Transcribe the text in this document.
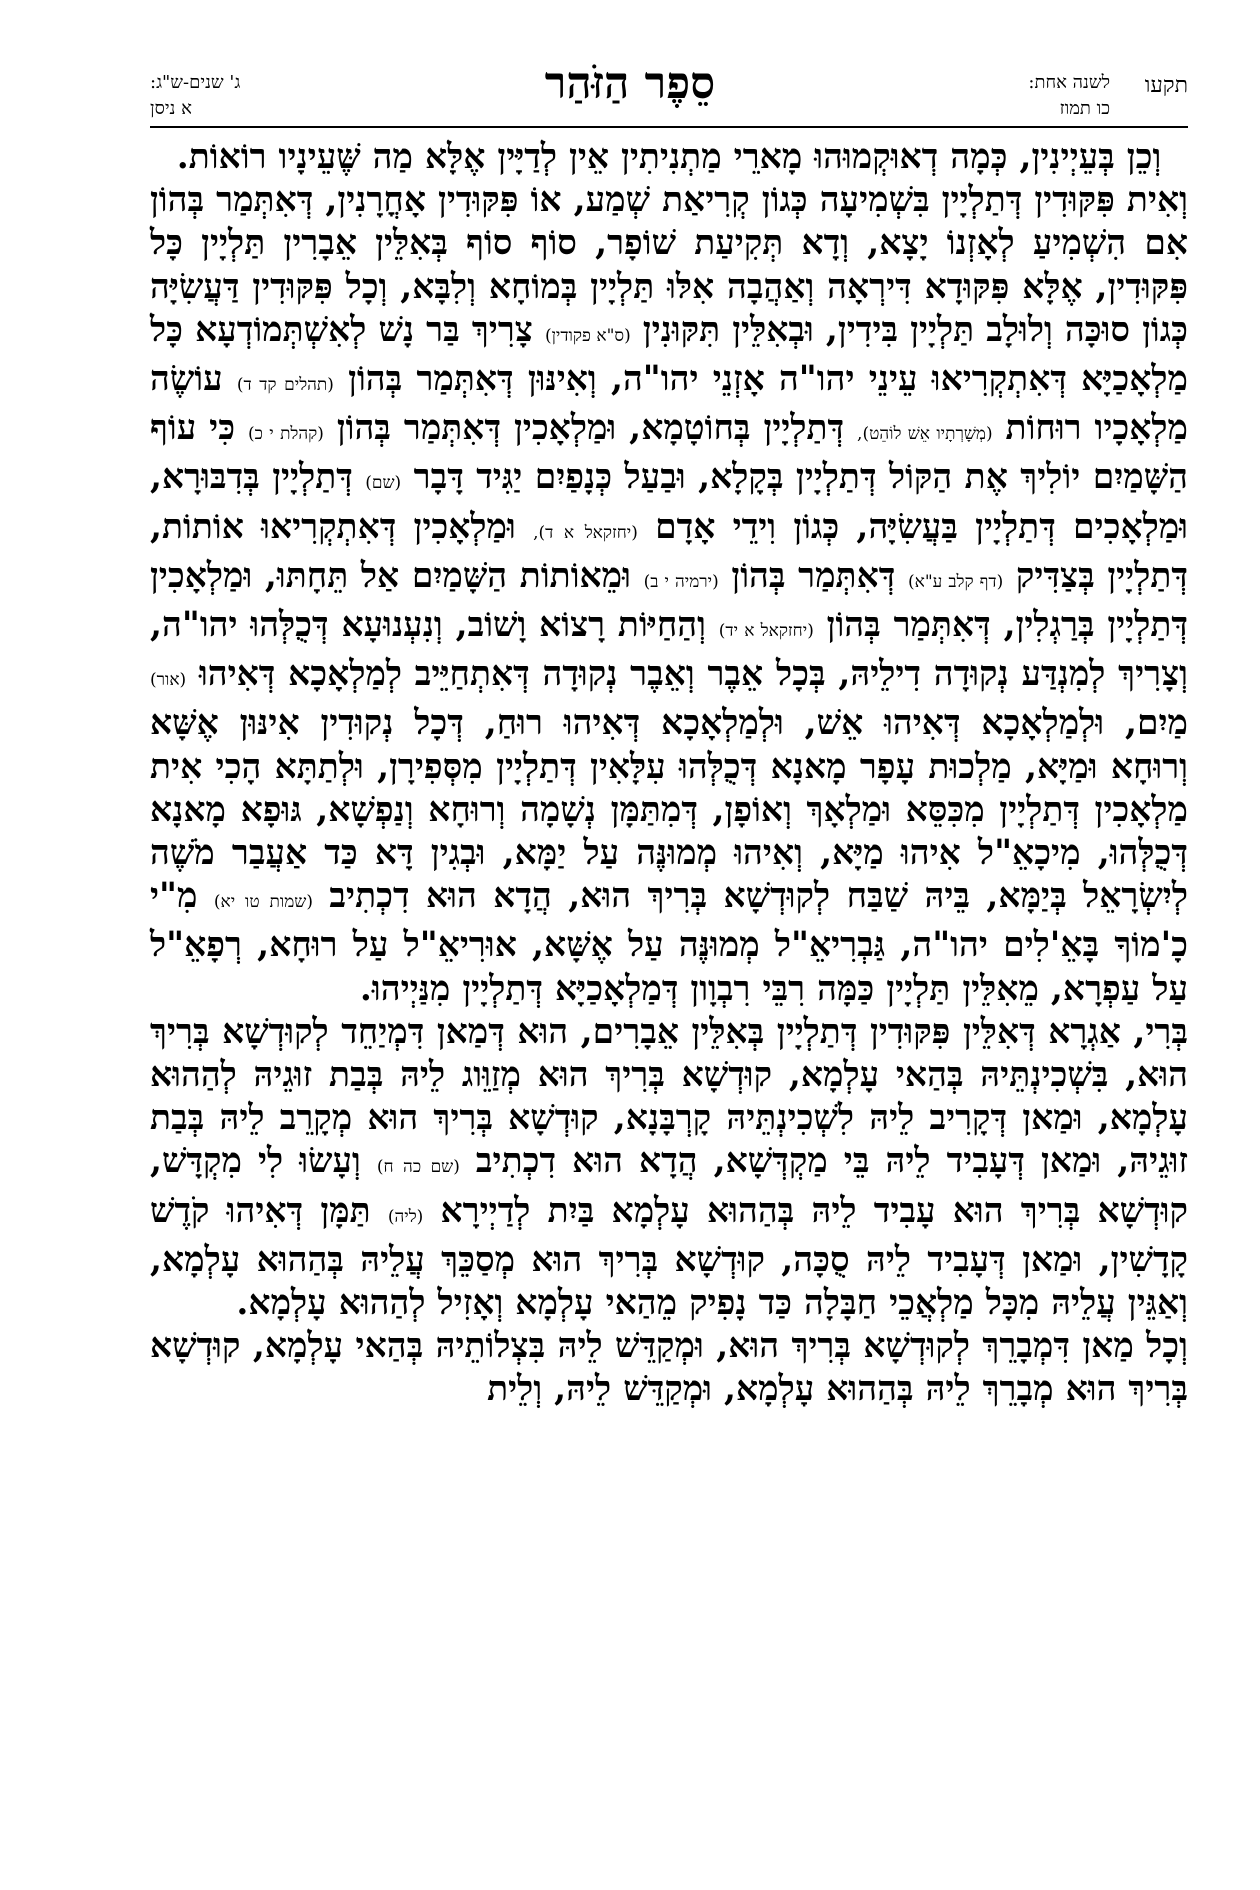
תקעו
לשנה אחת:
כו תמוז
סֵפֶר הַזֹּהַר
ג' שנים-ש"ג:
א ניסן

וְכֵן בְּעֵיְינִין, כְּמָה דְאוּקְמוּהוּ מָארֵי מַתְנִיתִין אֵין לְדַיָּין אֶלָּא מַה שֶּׁעֵינָיו רוֹאוֹת.

וְאִית פִּקּוּדִין דְּתַלְיָין בִּשְׁמִיעָה כְּגוֹן קְרִיאַת שְׁמַע, אוֹ פִּקּוּדִין אָחֳרָנִין, דְּאִתְּמַר בְּהוֹן אִם הִשְׁמִיעַ לְאָזְנוֹ יָצָא, וְדָא תְּקִיעַת שׁוֹפָר, סוֹף סוֹף בְּאִלֵּין אֵבָרִין תַּלְיָין כָּל פִּקּוּדִין, אֶלָּא פִּקּוּדָא דִּירְאָה וְאַהֲבָה אִלּוּ תַּלְיָין בְּמוֹחָא וְלִבָּא, וְכָל פִּקּוּדִין דַּעֲשִׂיָּה כְּגוֹן סוּכָּה וְלוּלָב תַּלְיָין בִּידִין, וּבְאִלֵּין תִּקּוּנִין (ס"א פקודין) צָרִיךְ בַּר נָשׁ לְאִשְׁתְּמוֹדְעָא כָּל מַלְאָכַיָּא דְּאִתְקְרִיאוּ עֵינֵי יהו"ה אָזְנֵי יהו"ה, וְאִינּוּן דְּאִתְּמַר בְּהוֹן (תהלים קד ד) עוֹשֶׂה מַלְאָכָיו רוּחוֹת (מְשָׁרְתָיו אֵשׁ לוֹהֵט), דְּתַלְיָין בְּחוֹטָמָא, וּמַלְאָכִין דְּאִתְּמַר בְּהוֹן (קהלת י כ) כִּי עוֹף הַשָּׁמַיִם יוֹלִיךְ אֶת הַקּוֹל דְּתַלְיָין בְּקָלָא, וּבַעַל כְּנָפַיִם יַגִּיד דָּבָר (שם) דְּתַלְיָין בְּדִבּוּרָא, וּמַלְאָכִים דְּתַלְיָין בַּעֲשִׂיָּה, כְּגוֹן וִידֵי אָדָם (יחזקאל א ד), וּמַלְאָכִין דְּאִתְקְרִיאוּ אוֹתוֹת, דְּתַלְיָין בְּצַדִּיק (דף קלב ע"א) דְּאִתְּמַר בְּהוֹן (ירמיה י ב) וּמֵאוֹתוֹת הַשָּׁמַיִם אַל תֵּחָתּוּ, וּמַלְאָכִין דְּתַלְיָין בְּרַגְלִין, דְּאִתְּמַר בְּהוֹן (יחזקאל א יד) וְהַחַיּוֹת רָצוֹא וָשׁוֹב, וְנִעְנוּעָא דְּכֻלְּהוּ יהו"ה, וְצָרִיךְ לְמִנְדַּע נְקוּדָה דִילֵיהּ, בְּכָל אֵבֶר וְאֵבֶר נְקוּדָה דְּאִתְחַיֵּיב לְמַלְאָכָא דְּאִיהוּ (אור) מַיִם, וּלְמַלְאָכָא דְּאִיהוּ אֵשׁ, וּלְמַלְאָכָא דְּאִיהוּ רוּחַ, דְּכָל נְקוּדִין אִינּוּן אֶשָּׁא וְרוּחָא וּמַיָּא, מַלְכוּת עָפָר מָאנָא דְּכֻלְּהוּ עִלָּאִין דְּתַלְיָין מִסְּפִירָן, וּלְתַתָּא הָכִי אִית מַלְאָכִין דְּתַלְיָין מִכִּסֵּא וּמַלְאָךְ וְאוֹפָן, דְּמִתַּמָּן נְשָׁמָה וְרוּחָא וְנַפְשָׁא, גּוּפָא מָאנָא דְּכֻלְּהוּ, מִיכָאֵ"ל אִיהוּ מַיָּא, וְאִיהוּ מְמוּנֶּה עַל יַמָּא, וּבְגִין דָּא כַּד אַעֲבַר מֹשֶׁה לְיִשְׂרָאֵל בְּיַמָּא, בֵּיהּ שַׁבַּח לְקוּדְשָׁא בְּרִיךְ הוּא, הֲדָא הוּא דִכְתִיב (שמות טו יא) מִ"י כָ'מוֹךָ בָּאֵ'לִים יהו"ה, גַּבְרִיאֵ"ל מְמוּנֶּה עַל אֶשָּׁא, אוּרִיאֵ"ל עַל רוּחָא, רְפָאֵ"ל עַל עַפְרָא, מֵאִלֵּין תַּלְיָין כַּמָּה רִבֵּי רִבְוָון דְּמַלְאָכַיָּא דְּתַלְיָין מִנַּיְיהוּ.

בְּרִי, אַגְרָא דְּאִלֵּין פִּקּוּדִין דְּתַלְיָין בְּאִלֵּין אֵבָרִים, הוּא דְּמַאן דִּמְיַחֵד לְקוּדְשָׁא בְּרִיךְ הוּא, בִּשְׁכִינְתֵּיהּ בְּהַאי עָלְמָא, קוּדְשָׁא בְּרִיךְ הוּא מְזַוֵּוג לֵיהּ בְּבַת זוּגֵיהּ לְהַהוּא עָלְמָא, וּמַאן דְּקָרִיב לֵיהּ לִשְׁכִינְתֵּיהּ קָרְבָּנָא, קוּדְשָׁא בְּרִיךְ הוּא מְקָרֵב לֵיהּ בְּבַת זוּגֵיהּ, וּמַאן דְּעָבִיד לֵיהּ בֵּי מַקְדְּשָׁא, הֲדָא הוּא דִכְתִיב (שם כה ח) וְעָשׂוּ לִי מִקְדָּשׁ, קוּדְשָׁא בְּרִיךְ הוּא עָבִיד לֵיהּ בְּהַהוּא עָלְמָא בַּיִת לְדַיְירָא (ליה) תַּמָּן דְּאִיהוּ קֹדֶשׁ קָדָשִׁין, וּמַאן דְּעָבִיד לֵיהּ סֻכָּה, קוּדְשָׁא בְּרִיךְ הוּא מְסַכֵּךְ עֲלֵיהּ בְּהַהוּא עָלְמָא, וְאַגֵּין עֲלֵיהּ מִכָּל מַלְאֲכֵי חַבָּלָה כַּד נָפִיק מֵהַאי עָלְמָא וְאָזִיל לְהַהוּא עָלְמָא.

וְכָל מַאן דִּמְבָרֵךְ לְקוּדְשָׁא בְּרִיךְ הוּא, וּמְקַדֵּשׁ לֵיהּ בִּצְלוֹתֵיהּ בְּהַאי עָלְמָא, קוּדְשָׁא בְּרִיךְ הוּא מְבָרֵךְ לֵיהּ בְּהַהוּא עָלְמָא, וּמְקַדֵּשׁ לֵיהּ, וְלֵית
